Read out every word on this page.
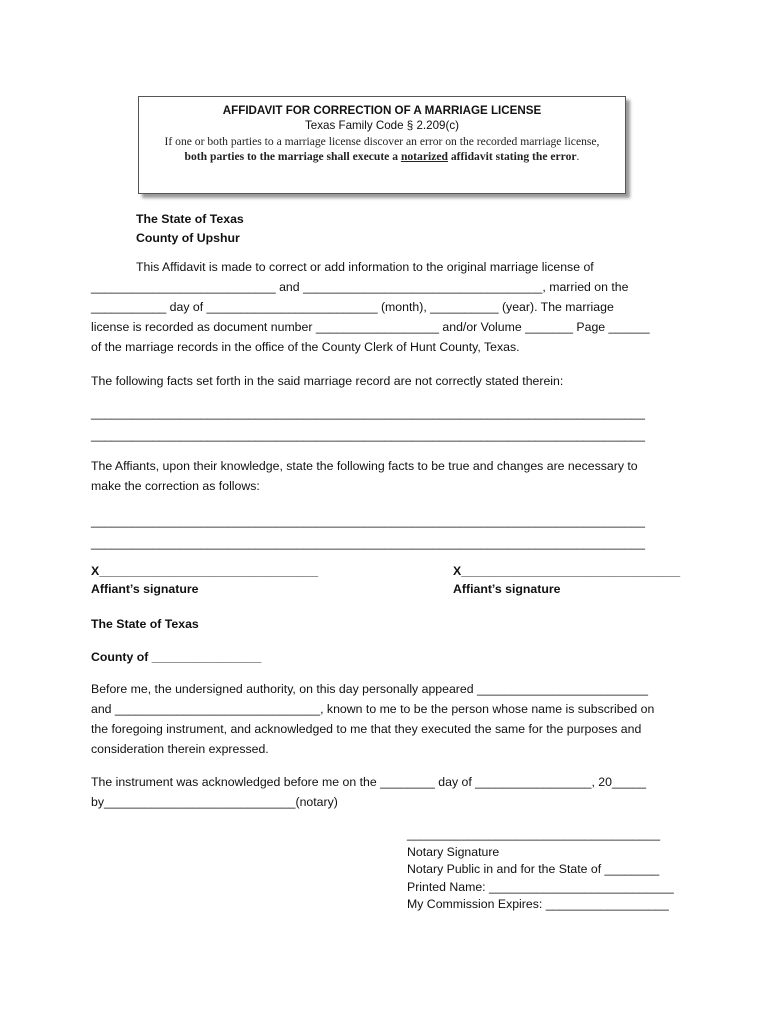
AFFIDAVIT FOR CORRECTION OF A MARRIAGE LICENSE
Texas Family Code § 2.209(c)
If one or both parties to a marriage license discover an error on the recorded marriage license, both parties to the marriage shall execute a notarized affidavit stating the error.
The State of Texas
County of Upshur
This Affidavit is made to correct or add information to the original marriage license of
___________________________ and ___________________________________, married on the
___________ day of _________________________ (month), __________ (year). The marriage
license is recorded as document number __________________ and/or Volume _______ Page ______
of the marriage records in the office of the County Clerk of Hunt County, Texas.
The following facts set forth in the said marriage record are not correctly stated therein:
_________________________________________________________________________________
_________________________________________________________________________________
The Affiants, upon their knowledge, state the following facts to be true and changes are necessary to
make the correction as follows:
_________________________________________________________________________________
_________________________________________________________________________________
X________________________________
Affiant’s signature
X________________________________
Affiant’s signature
The State of Texas
County of ________________
Before me, the undersigned authority, on this day personally appeared _________________________
and ______________________________, known to me to be the person whose name is subscribed on
the foregoing instrument, and acknowledged to me that they executed the same for the purposes and
consideration therein expressed.
The instrument was acknowledged before me on the ________ day of _________________, 20_____
by____________________________(notary)
_____________________________________
Notary Signature
Notary Public in and for the State of ________
Printed Name: ___________________________
My Commission Expires: __________________
